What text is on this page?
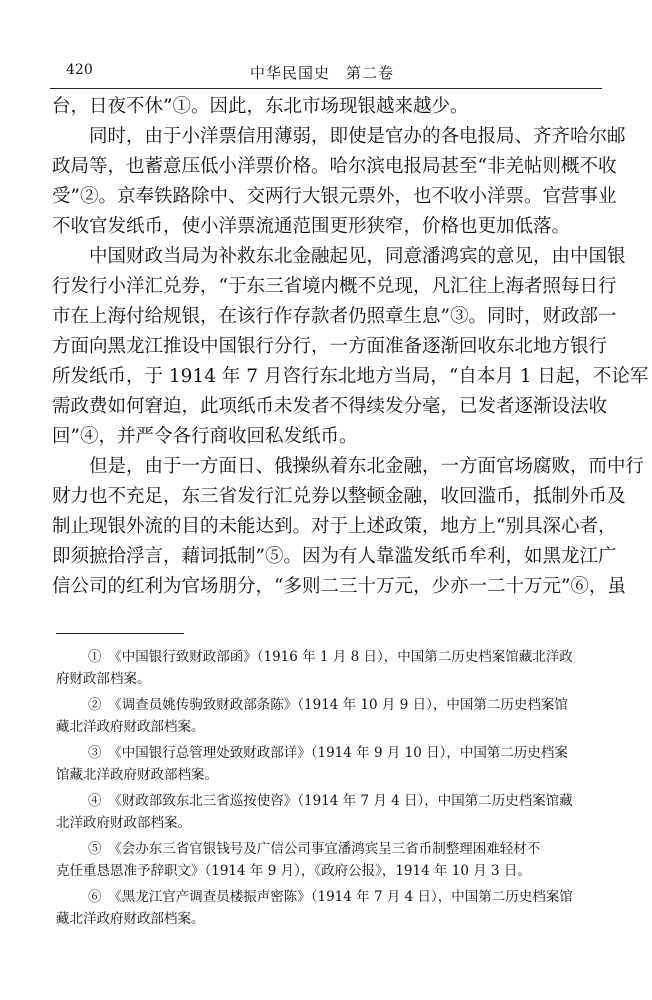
420	中华民国史　第二卷
台，日夜不休”①。因此，东北市场现银越来越少。
同时，由于小洋票信用薄弱，即使是官办的各电报局、齐齐哈尔邮
政局等，也蓄意压低小洋票价格。哈尔滨电报局甚至“非羌帖则概不收
受”②。京奉铁路除中、交两行大银元票外，也不收小洋票。官营事业
不收官发纸币，使小洋票流通范围更形狭窄，价格也更加低落。
中国财政当局为补救东北金融起见，同意潘鸿宾的意见，由中国银
行发行小洋汇兑券，“于东三省境内概不兑现，凡汇往上海者照每日行
市在上海付给规银，在该行作存款者仍照章生息”③。同时，财政部一
方面向黑龙江推设中国银行分行，一方面准备逐渐回收东北地方银行
所发纸币，于 1914 年 7 月咨行东北地方当局，“自本月 1 日起，不论军
需政费如何窘迫，此项纸币未发者不得续发分毫，已发者逐渐设法收
回”④，并严令各行商收回私发纸币。
但是，由于一方面日、俄操纵着东北金融，一方面官场腐败，而中行
财力也不充足，东三省发行汇兑券以整顿金融，收回滥币，抵制外币及
制止现银外流的目的未能达到。对于上述政策，地方上“别具深心者，
即须摭拾浮言，藉词抵制”⑤。因为有人靠滥发纸币牟利，如黑龙江广
信公司的红利为官场朋分，“多则二三十万元，少亦一二十万元”⑥，虽
①　《中国银行致财政部函》（1916 年 1 月 8 日），中国第二历史档案馆藏北洋政
府财政部档案。
②　《调查员姚传驹致财政部条陈》（1914 年 10 月 9 日），中国第二历史档案馆
藏北洋政府财政部档案。
③　《中国银行总管理处致财政部详》（1914 年 9 月 10 日），中国第二历史档案
馆藏北洋政府财政部档案。
④　《财政部致东北三省巡按使咨》（1914 年 7 月 4 日），中国第二历史档案馆藏
北洋政府财政部档案。
⑤　《会办东三省官银钱号及广信公司事宜潘鸿宾呈三省币制整理困难轻材不
克任重恳恩准予辞职文》（1914 年 9 月），《政府公报》，1914 年 10 月 3 日。
⑥　《黑龙江官产调查员楼振声密陈》（1914 年 7 月 4 日），中国第二历史档案馆
藏北洋政府财政部档案。
